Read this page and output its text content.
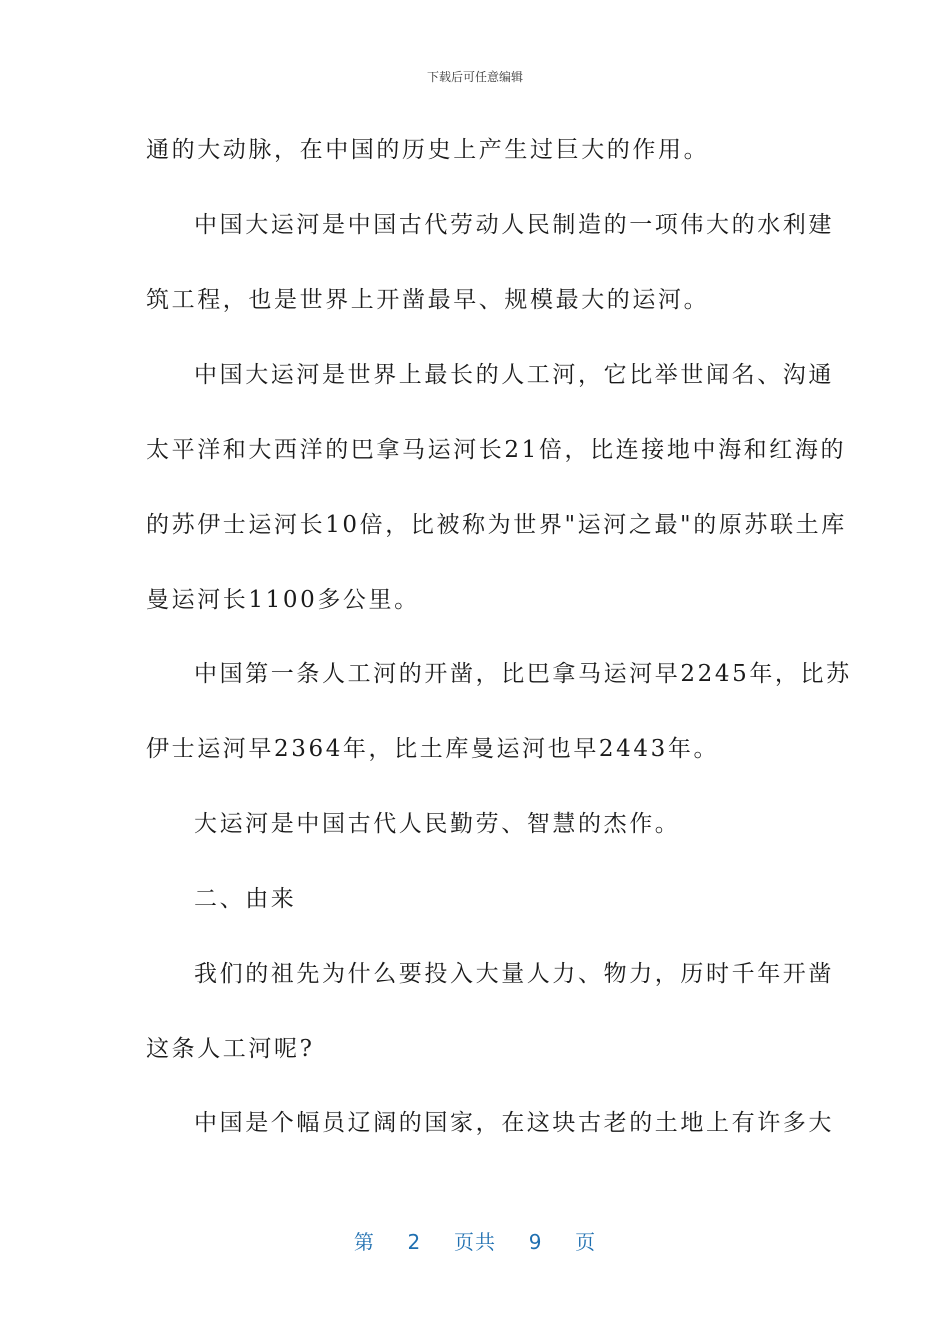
下载后可任意编辑
通的大动脉，在中国的历史上产生过巨大的作用。
中国大运河是中国古代劳动人民制造的一项伟大的水利建
筑工程，也是世界上开凿最早、规模最大的运河。
中国大运河是世界上最长的人工河，它比举世闻名、沟通
太平洋和大西洋的巴拿马运河长21倍，比连接地中海和红海的
的苏伊士运河长10倍，比被称为世界"运河之最"的原苏联土库
曼运河长1100多公里。
中国第一条人工河的开凿，比巴拿马运河早2245年，比苏
伊士运河早2364年，比土库曼运河也早2443年。
大运河是中国古代人民勤劳、智慧的杰作。
二、由来
我们的祖先为什么要投入大量人力、物力，历时千年开凿
这条人工河呢?
中国是个幅员辽阔的国家，在这块古老的土地上有许多大
第 2 页共 9 页
